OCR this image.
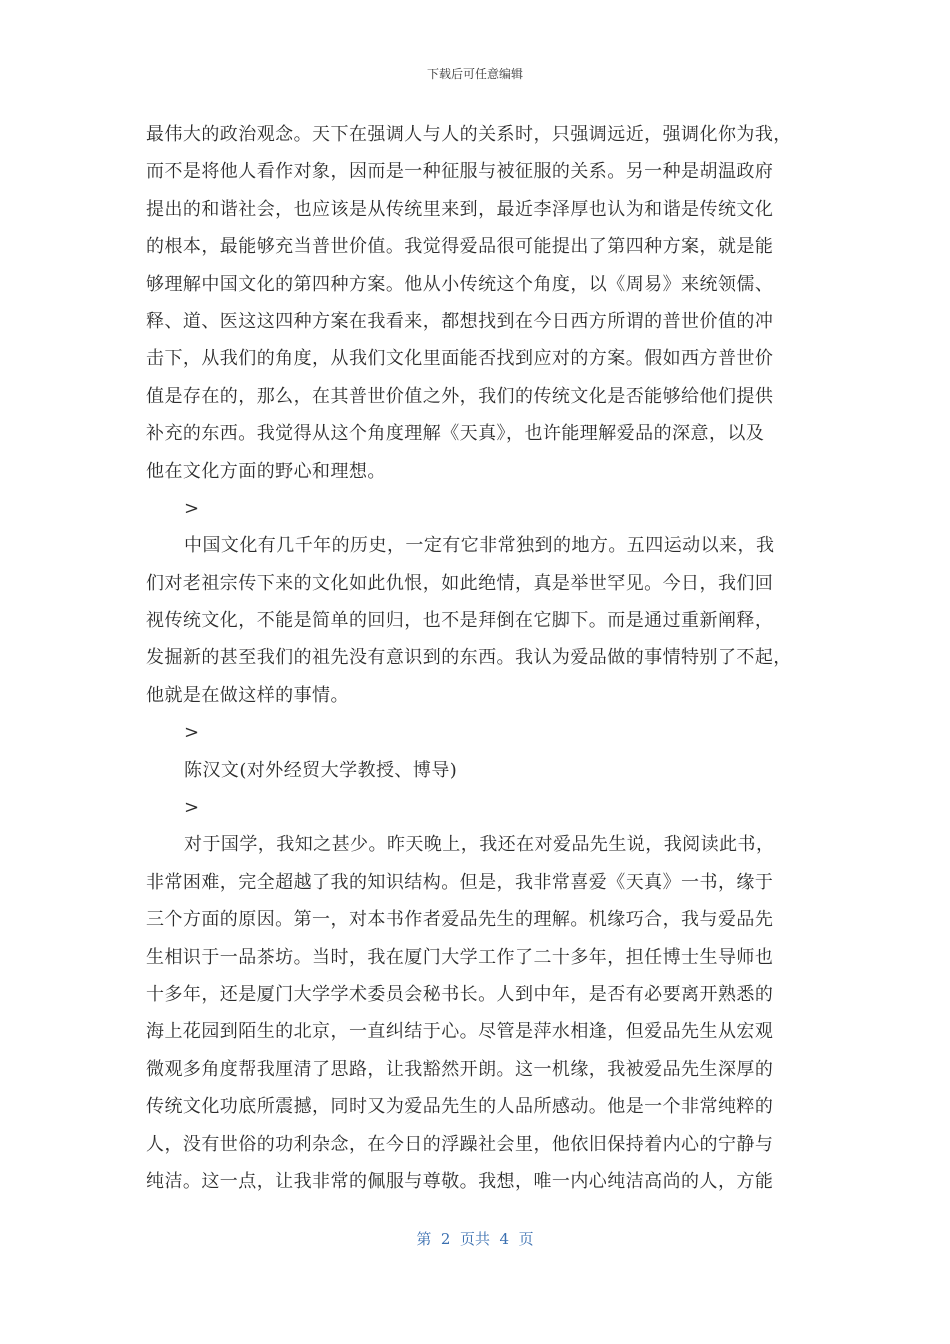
下载后可任意编辑
最伟大的政治观念。天下在强调人与人的关系时，只强调远近，强调化你为我，
而不是将他人看作对象，因而是一种征服与被征服的关系。另一种是胡温政府
提出的和谐社会，也应该是从传统里来到，最近李泽厚也认为和谐是传统文化
的根本，最能够充当普世价值。我觉得爱品很可能提出了第四种方案，就是能
够理解中国文化的第四种方案。他从小传统这个角度，以《周易》来统领儒、
释、道、医这这四种方案在我看来，都想找到在今日西方所谓的普世价值的冲
击下，从我们的角度，从我们文化里面能否找到应对的方案。假如西方普世价
值是存在的，那么，在其普世价值之外，我们的传统文化是否能够给他们提供
补充的东西。我觉得从这个角度理解《天真》，也许能理解爱品的深意，以及
他在文化方面的野心和理想。
>
中国文化有几千年的历史，一定有它非常独到的地方。五四运动以来，我
们对老祖宗传下来的文化如此仇恨，如此绝情，真是举世罕见。今日，我们回
视传统文化，不能是简单的回归，也不是拜倒在它脚下。而是通过重新阐释，
发掘新的甚至我们的祖先没有意识到的东西。我认为爱品做的事情特别了不起，
他就是在做这样的事情。
>
陈汉文(对外经贸大学教授、博导)
>
对于国学，我知之甚少。昨天晚上，我还在对爱品先生说，我阅读此书，
非常困难，完全超越了我的知识结构。但是，我非常喜爱《天真》一书，缘于
三个方面的原因。第一，对本书作者爱品先生的理解。机缘巧合，我与爱品先
生相识于一品茶坊。当时，我在厦门大学工作了二十多年，担任博士生导师也
十多年，还是厦门大学学术委员会秘书长。人到中年，是否有必要离开熟悉的
海上花园到陌生的北京，一直纠结于心。尽管是萍水相逢，但爱品先生从宏观
微观多角度帮我厘清了思路，让我豁然开朗。这一机缘，我被爱品先生深厚的
传统文化功底所震撼，同时又为爱品先生的人品所感动。他是一个非常纯粹的
人，没有世俗的功利杂念，在今日的浮躁社会里，他依旧保持着内心的宁静与
纯洁。这一点，让我非常的佩服与尊敬。我想，唯一内心纯洁高尚的人，方能
第  2  页共  4  页
